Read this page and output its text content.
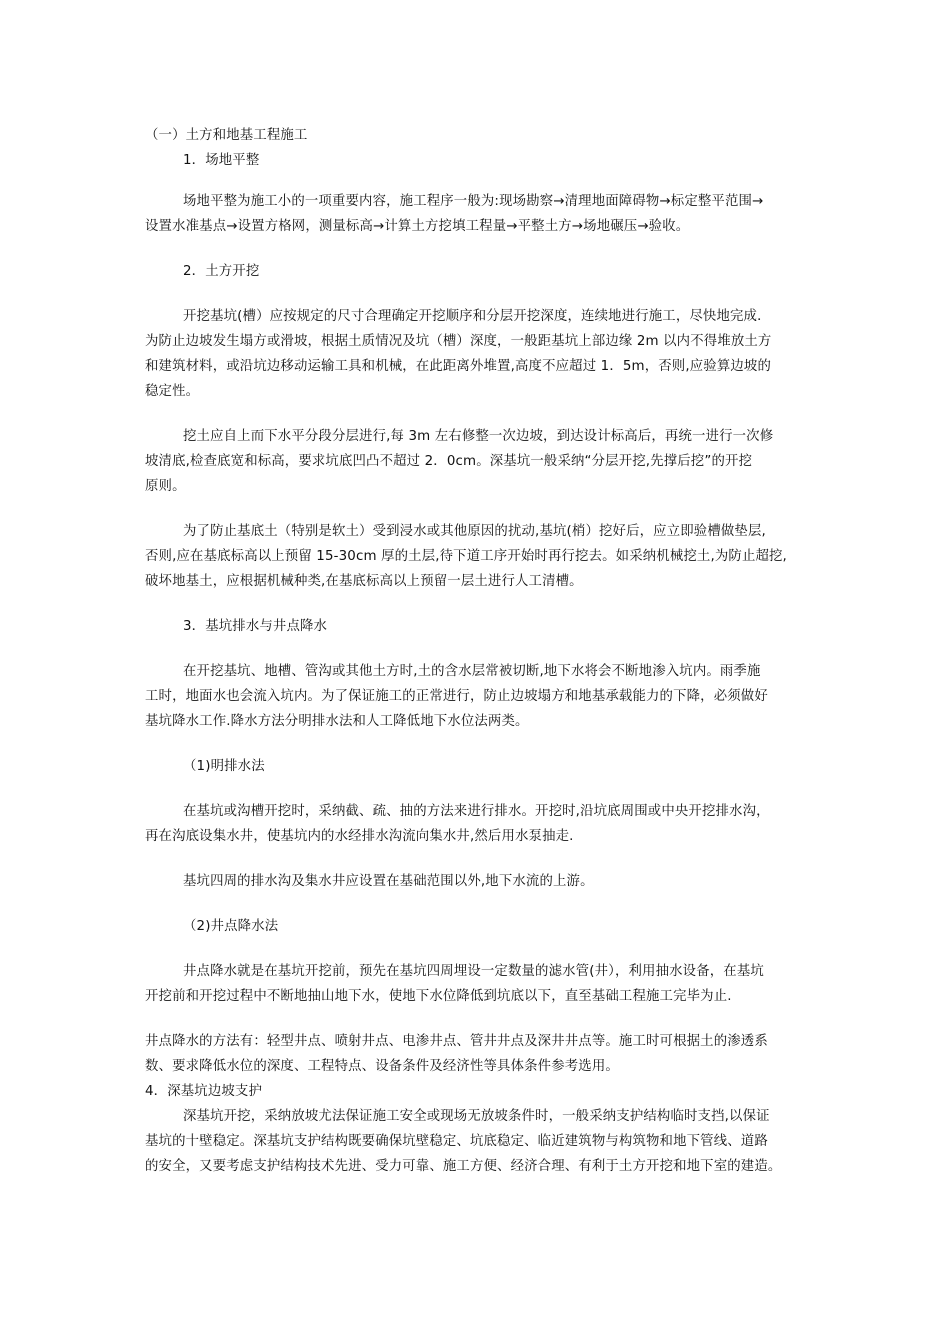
（一）土方和地基工程施工
1．场地平整
场地平整为施工小的一项重要内容，施工程序一般为:现场勘察→清理地面障碍物→标定整平范围→
设置水准基点→设置方格网，测量标高→计算土方挖填工程量→平整土方→场地碾压→验收。
2．土方开挖
开挖基坑(槽）应按规定的尺寸合理确定开挖顺序和分层开挖深度，连续地进行施工，尽快地完成．
为防止边坡发生塌方或滑坡，根据土质情况及坑（槽）深度，一般距基坑上部边缘 2m 以内不得堆放土方
和建筑材料，或沿坑边移动运输工具和机械，在此距离外堆置,高度不应超过 1．5m，否则,应验算边坡的
稳定性。
挖土应自上而下水平分段分层进行,每 3m 左右修整一次边坡，到达设计标高后，再统一进行一次修
坡清底,检查底宽和标高，要求坑底凹凸不超过 2．0cm。深基坑一般采纳“分层开挖,先撑后挖”的开挖
原则。
为了防止基底土（特别是软土）受到浸水或其他原因的扰动,基坑(梢）挖好后，应立即验槽做垫层,
否则,应在基底标高以上预留 15-30cm 厚的土层,待下道工序开始时再行挖去。如采纳机械挖土,为防止超挖,
破坏地基土，应根据机械种类,在基底标高以上预留一层土进行人工清槽。
3．基坑排水与井点降水
在开挖基坑、地槽、管沟或其他土方时,土的含水层常被切断,地下水将会不断地渗入坑内。雨季施
工时，地面水也会流入坑内。为了保证施工的正常进行，防止边坡塌方和地基承载能力的下降，必须做好
基坑降水工作.降水方法分明排水法和人工降低地下水位法两类。
（1)明排水法
在基坑或沟槽开挖时，采纳截、疏、抽的方法来进行排水。开挖时,沿坑底周围或中央开挖排水沟，
再在沟底设集水井，使基坑内的水经排水沟流向集水井,然后用水泵抽走.
基坑四周的排水沟及集水井应设置在基础范围以外,地下水流的上游。
（2)井点降水法
井点降水就是在基坑开挖前，预先在基坑四周埋设一定数量的滤水管(井），利用抽水设备，在基坑
开挖前和开挖过程中不断地抽山地下水，使地下水位降低到坑底以下，直至基础工程施工完毕为止.
井点降水的方法有：轻型井点、喷射井点、电渗井点、管井井点及深井井点等。施工时可根据土的渗透系
数、要求降低水位的深度、工程特点、设备条件及经济性等具体条件参考选用。
4．深基坑边坡支护
深基坑开挖，采纳放坡尤法保证施工安全或现场无放坡条件时，一般采纳支护结构临时支挡,以保证
基坑的十壁稳定。深基坑支护结构既要确保坑壁稳定、坑底稳定、临近建筑物与构筑物和地下管线、道路
的安全，又要考虑支护结构技术先进、受力可靠、施工方便、经济合理、有利于土方开挖和地下室的建造。
